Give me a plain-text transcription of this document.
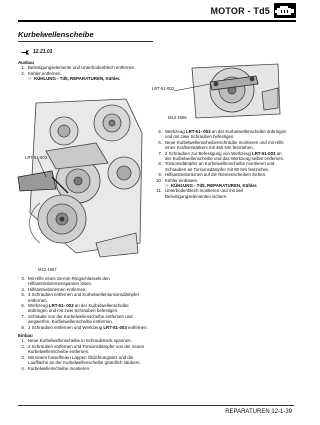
MOTOR - Td5
Kurbelwellenscheibe
12.21.01
Ausbau
1. Befestigungselemente und Unterbodenblech entfernen.
2. Kühler entfernen.
☞ KÜHLUNG - Td5, REPARATUREN, Kühler.
LRT-51-003
M12 4667
3. Mit Hilfe eines 15-mm-Ringschlüssels den Hilfsantriebriemenspanner lösen.
4. Hilfsantriebsriemen entfernen.
5. 3 Schrauben entfernen und Kurbelwellentorsionsdämpfer entfernen.
6. Werkzeug LRT-51- 003 an der Kurbelwellenscheibe anbringen und mit zwei Schrauben befestigen.
7. Schraube von der Kurbelwellenscheibe entfernen und wegwerfen. Kurbelwellenscheibe entfernen.
8. 2 Schrauben entfernen und Werkzeug LRT-51-003 entfernen.
Einbau
1. Neue Kurbelwellenscheibe in Schraubstock spannen.
2. 2 Schrauben entfernen und Torsionsdämpfer von der neuen Kurbelwellenscheibe entfernen.
3. Mit einem fusselfreien Lappen Öldichtungssitz und die Lauffläche an der Kurbelwellenscheibe gründlich säubern.
4. Kurbelwellenscheibe montieren.
LRT-51-003
M12 4668
5. Werkzeug LRT-51- 003 an der Kurbelwellenscheibe anbringen und mit zwei Schrauben befestigen.
6. Neue Kurbelwellenscheibenschraube montieren und mit Hilfe eines Kraftverstärkers mit 465 Nm festziehen.
7. 2 Schrauben zur Befestigung von Werkzeug LRT-51-003 an der Kurbelwellenscheibe und das Werkzeug selbst entfernen.
8. Torsionsdämpfer an Kurbelwellenscheibe montieren und Schrauben an Torsionsdämpfer mit 80 Nm festziehen.
9. Hilfsantriebsriemen auf die Riemenscheiben ziehen.
10. Kühler einbauen.
☞ KÜHLUNG - Td5, REPARATUREN, Kühler.
11. Unterbodenblech montieren und mit den Befestigungselementen sichern.
REPARATUREN 12-1-39
